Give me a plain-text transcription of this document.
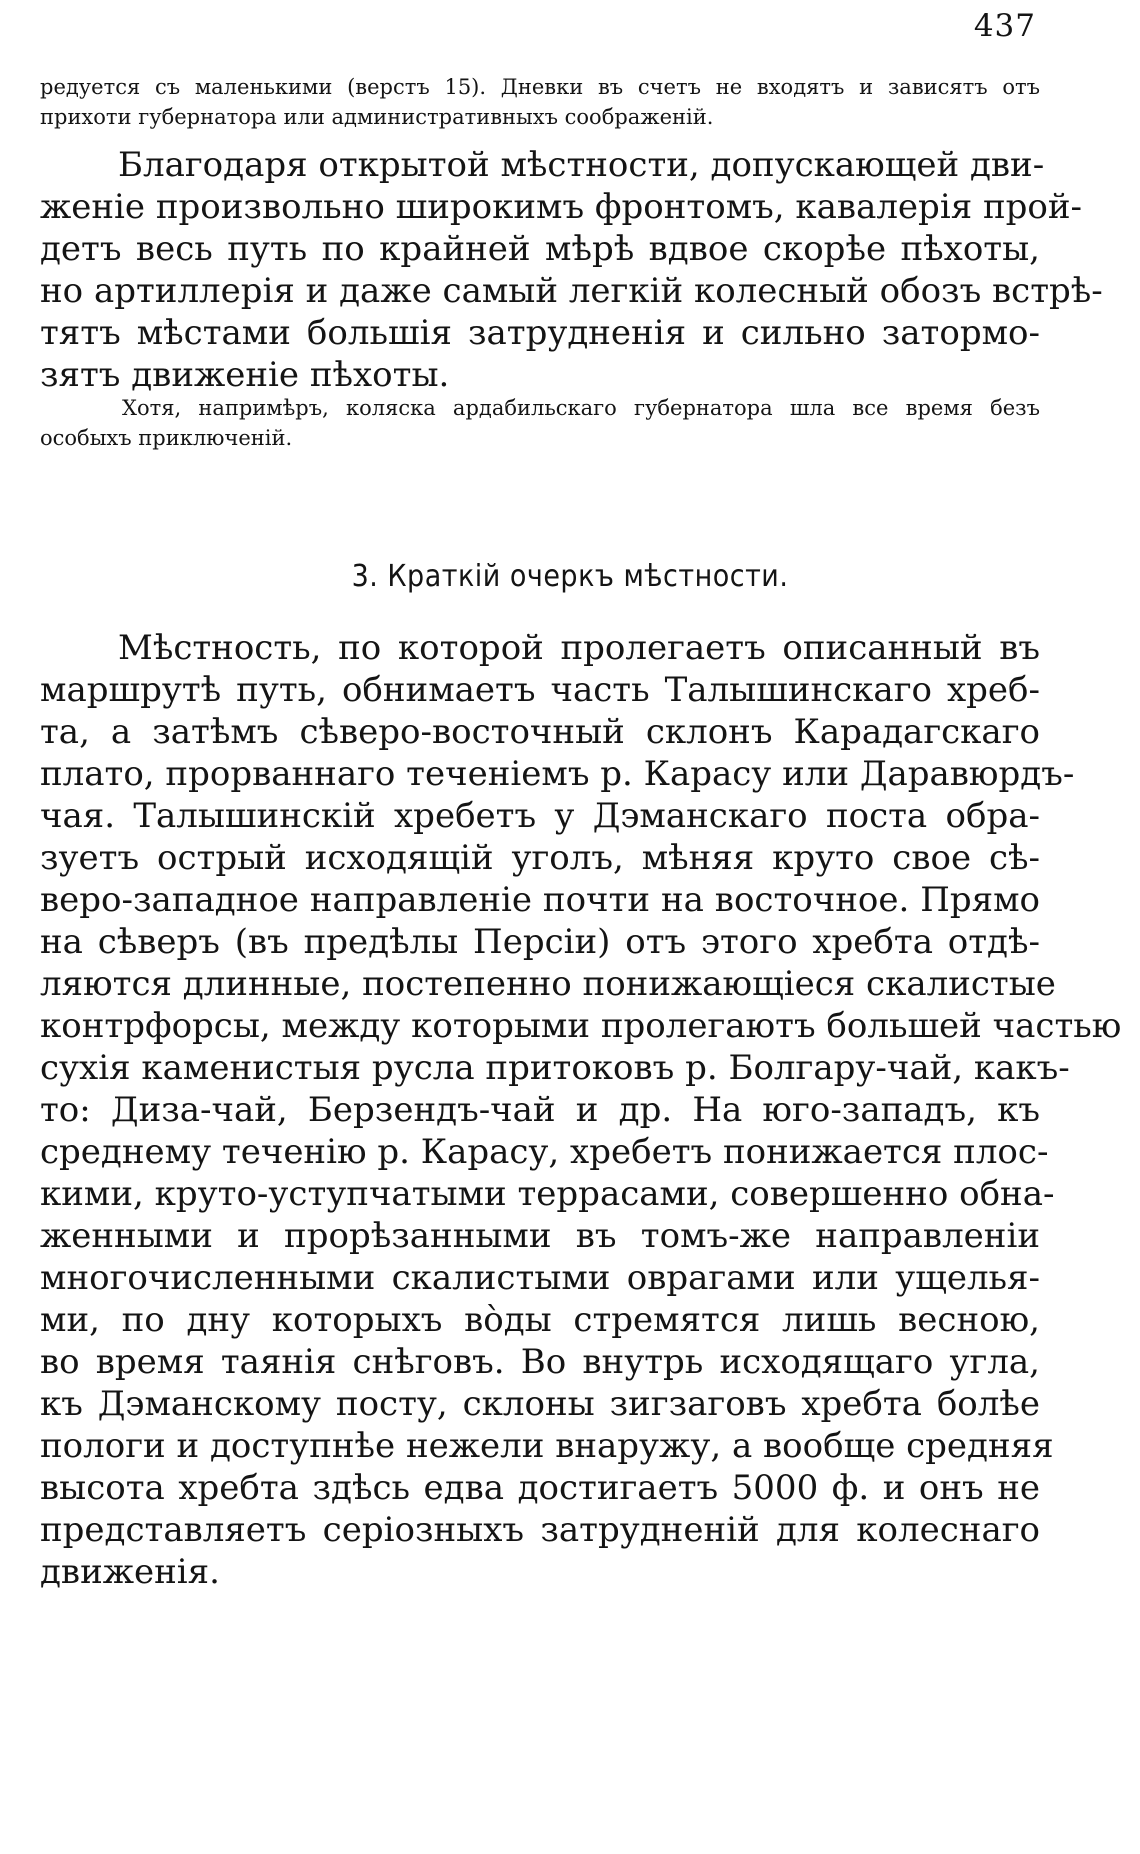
437
редуется съ маленькими (верстъ 15). Дневки въ счетъ не входятъ и зависятъ отъ
прихоти губернатора или административныхъ соображеній.
Благодаря открытой мѣстности, допускающей дви-
женіе произвольно широкимъ фронтомъ, кавалерія прой-
детъ весь путь по крайней мѣрѣ вдвое скорѣе пѣхоты,
но артиллерія и даже самый легкій колесный обозъ встрѣ-
тятъ мѣстами большія затрудненія и сильно затормо-
зятъ движеніе пѣхоты.
Хотя, напримѣръ, коляска ардабильскаго губернатора шла все время безъ
особыхъ приключеній.
3. Краткій очеркъ мѣстности.
Мѣстность, по которой пролегаетъ описанный въ
маршрутѣ путь, обнимаетъ часть Талышинскаго хреб-
та, а затѣмъ сѣверо-восточный склонъ Карадагскаго
плато, прорваннаго теченіемъ р. Карасу или Даравюрдъ-
чая. Талышинскій хребетъ у Дэманскаго поста обра-
зуетъ острый исходящій уголъ, мѣняя круто свое сѣ-
веро-западное направленіе почти на восточное. Прямо
на сѣверъ (въ предѣлы Персіи) отъ этого хребта отдѣ-
ляются длинные, постепенно понижающіеся скалистые
контрфорсы, между которыми пролегаютъ большей частью
сухія каменистыя русла притоковъ р. Болгару-чай, какъ-
то: Диза-чай, Берзендъ-чай и др. На юго-западъ, къ
среднему теченію р. Карасу, хребетъ понижается плос-
кими, круто-уступчатыми террасами, совершенно обна-
женными и прорѣзанными въ томъ-же направленіи
многочисленными скалистыми оврагами или ущелья-
ми, по дну которыхъ вòды стремятся лишь весною,
во время таянія снѣговъ. Во внутрь исходящаго угла,
къ Дэманскому посту, склоны зигзаговъ хребта болѣе
пологи и доступнѣе нежели внаружу, а вообще средняя
высота хребта здѣсь едва достигаетъ 5000 ф. и онъ не
представляетъ серіозныхъ затрудненій для колеснаго
движенія.
